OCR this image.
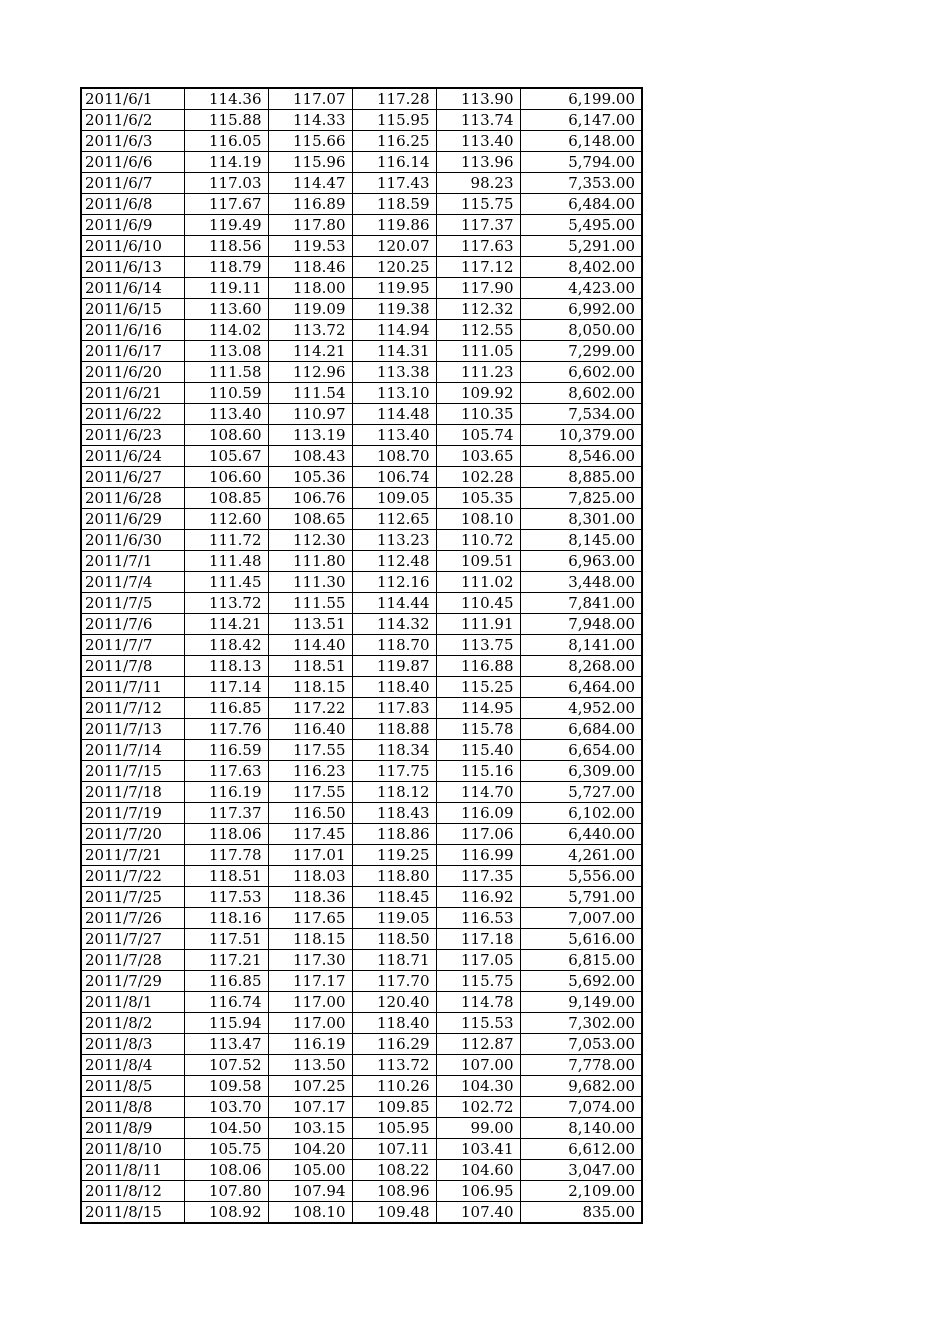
2011/6/1	114.36	117.07	117.28	113.90	6,199.00
2011/6/2	115.88	114.33	115.95	113.74	6,147.00
2011/6/3	116.05	115.66	116.25	113.40	6,148.00
2011/6/6	114.19	115.96	116.14	113.96	5,794.00
2011/6/7	117.03	114.47	117.43	98.23	7,353.00
2011/6/8	117.67	116.89	118.59	115.75	6,484.00
2011/6/9	119.49	117.80	119.86	117.37	5,495.00
2011/6/10	118.56	119.53	120.07	117.63	5,291.00
2011/6/13	118.79	118.46	120.25	117.12	8,402.00
2011/6/14	119.11	118.00	119.95	117.90	4,423.00
2011/6/15	113.60	119.09	119.38	112.32	6,992.00
2011/6/16	114.02	113.72	114.94	112.55	8,050.00
2011/6/17	113.08	114.21	114.31	111.05	7,299.00
2011/6/20	111.58	112.96	113.38	111.23	6,602.00
2011/6/21	110.59	111.54	113.10	109.92	8,602.00
2011/6/22	113.40	110.97	114.48	110.35	7,534.00
2011/6/23	108.60	113.19	113.40	105.74	10,379.00
2011/6/24	105.67	108.43	108.70	103.65	8,546.00
2011/6/27	106.60	105.36	106.74	102.28	8,885.00
2011/6/28	108.85	106.76	109.05	105.35	7,825.00
2011/6/29	112.60	108.65	112.65	108.10	8,301.00
2011/6/30	111.72	112.30	113.23	110.72	8,145.00
2011/7/1	111.48	111.80	112.48	109.51	6,963.00
2011/7/4	111.45	111.30	112.16	111.02	3,448.00
2011/7/5	113.72	111.55	114.44	110.45	7,841.00
2011/7/6	114.21	113.51	114.32	111.91	7,948.00
2011/7/7	118.42	114.40	118.70	113.75	8,141.00
2011/7/8	118.13	118.51	119.87	116.88	8,268.00
2011/7/11	117.14	118.15	118.40	115.25	6,464.00
2011/7/12	116.85	117.22	117.83	114.95	4,952.00
2011/7/13	117.76	116.40	118.88	115.78	6,684.00
2011/7/14	116.59	117.55	118.34	115.40	6,654.00
2011/7/15	117.63	116.23	117.75	115.16	6,309.00
2011/7/18	116.19	117.55	118.12	114.70	5,727.00
2011/7/19	117.37	116.50	118.43	116.09	6,102.00
2011/7/20	118.06	117.45	118.86	117.06	6,440.00
2011/7/21	117.78	117.01	119.25	116.99	4,261.00
2011/7/22	118.51	118.03	118.80	117.35	5,556.00
2011/7/25	117.53	118.36	118.45	116.92	5,791.00
2011/7/26	118.16	117.65	119.05	116.53	7,007.00
2011/7/27	117.51	118.15	118.50	117.18	5,616.00
2011/7/28	117.21	117.30	118.71	117.05	6,815.00
2011/7/29	116.85	117.17	117.70	115.75	5,692.00
2011/8/1	116.74	117.00	120.40	114.78	9,149.00
2011/8/2	115.94	117.00	118.40	115.53	7,302.00
2011/8/3	113.47	116.19	116.29	112.87	7,053.00
2011/8/4	107.52	113.50	113.72	107.00	7,778.00
2011/8/5	109.58	107.25	110.26	104.30	9,682.00
2011/8/8	103.70	107.17	109.85	102.72	7,074.00
2011/8/9	104.50	103.15	105.95	99.00	8,140.00
2011/8/10	105.75	104.20	107.11	103.41	6,612.00
2011/8/11	108.06	105.00	108.22	104.60	3,047.00
2011/8/12	107.80	107.94	108.96	106.95	2,109.00
2011/8/15	108.92	108.10	109.48	107.40	835.00
